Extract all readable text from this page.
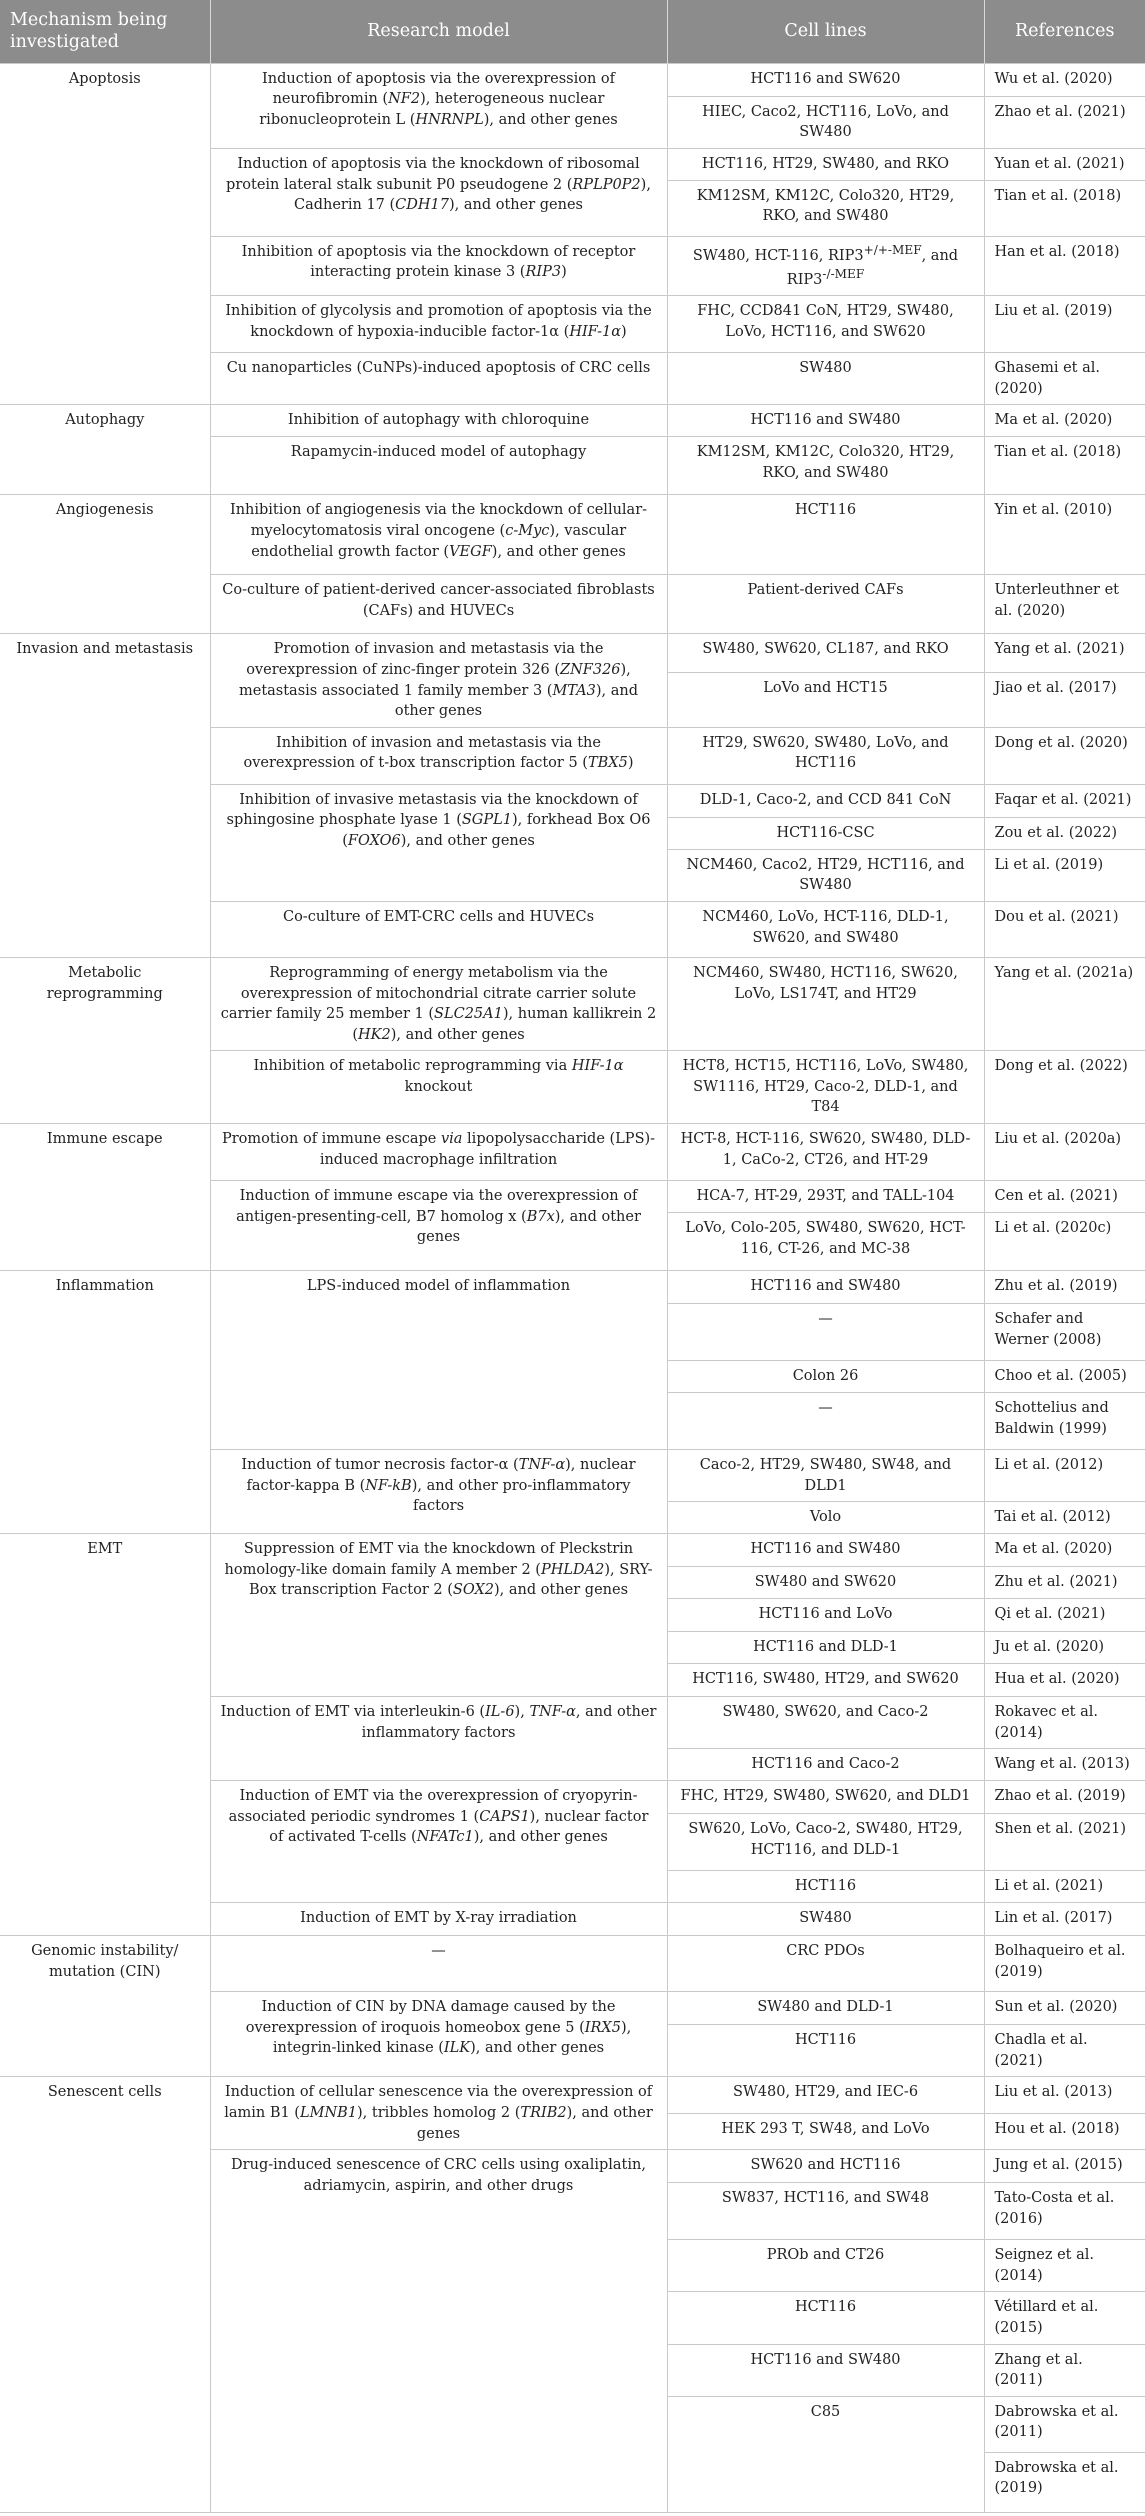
Mechanism being investigated	Research model	Cell lines	References
Apoptosis	Induction of apoptosis via the overexpression of neurofibromin (NF2), heterogeneous nuclear ribonucleoprotein L (HNRNPL), and other genes	HCT116 and SW620	Wu et al. (2020)
		HIEC, Caco2, HCT116, LoVo, and SW480	Zhao et al. (2021)
	Induction of apoptosis via the knockdown of ribosomal protein lateral stalk subunit P0 pseudogene 2 (RPLP0P2), Cadherin 17 (CDH17), and other genes	HCT116, HT29, SW480, and RKO	Yuan et al. (2021)
		KM12SM, KM12C, Colo320, HT29, RKO, and SW480	Tian et al. (2018)
	Inhibition of apoptosis via the knockdown of receptor interacting protein kinase 3 (RIP3)	SW480, HCT-116, $RIP3^{+/+-MEF}$, and $RIP3^{-/-MEF}$	Han et al. (2018)
	Inhibition of glycolysis and promotion of apoptosis via the knockdown of hypoxia-inducible factor-1α (HIF-1α)	FHC, CCD841 CoN, HT29, SW480, LoVo, HCT116, and SW620	Liu et al. (2019)
	Cu nanoparticles (CuNPs)-induced apoptosis of CRC cells	SW480	Ghasemi et al. (2020)
Autophagy	Inhibition of autophagy with chloroquine	HCT116 and SW480	Ma et al. (2020)
	Rapamycin-induced model of autophagy	KM12SM, KM12C, Colo320, HT29, RKO, and SW480	Tian et al. (2018)
Angiogenesis	Inhibition of angiogenesis via the knockdown of cellular-myelocytomatosis viral oncogene (c-Myc), vascular endothelial growth factor (VEGF), and other genes	HCT116	Yin et al. (2010)
	Co-culture of patient-derived cancer-associated fibroblasts (CAFs) and HUVECs	Patient-derived CAFs	Unterleuthner et al. (2020)
Invasion and metastasis	Promotion of invasion and metastasis via the overexpression of zinc-finger protein 326 (ZNF326), metastasis associated 1 family member 3 (MTA3), and other genes	SW480, SW620, CL187, and RKO	Yang et al. (2021)
		LoVo and HCT15	Jiao et al. (2017)
	Inhibition of invasion and metastasis via the overexpression of t-box transcription factor 5 (TBX5)	HT29, SW620, SW480, LoVo, and HCT116	Dong et al. (2020)
	Inhibition of invasive metastasis via the knockdown of sphingosine phosphate lyase 1 (SGPL1), forkhead Box O6 (FOXO6), and other genes	DLD-1, Caco-2, and CCD 841 CoN	Faqar et al. (2021)
		HCT116-CSC	Zou et al. (2022)
		NCM460, Caco2, HT29, HCT116, and SW480	Li et al. (2019)
	Co-culture of EMT-CRC cells and HUVECs	NCM460, LoVo, HCT-116, DLD-1, SW620, and SW480	Dou et al. (2021)
Metabolic reprogramming	Reprogramming of energy metabolism via the overexpression of mitochondrial citrate carrier solute carrier family 25 member 1 (SLC25A1), human kallikrein 2 (HK2), and other genes	NCM460, SW480, HCT116, SW620, LoVo, LS174T, and HT29	Yang et al. (2021a)
	Inhibition of metabolic reprogramming via HIF-1α knockout	HCT8, HCT15, HCT116, LoVo, SW480, SW1116, HT29, Caco-2, DLD-1, and T84	Dong et al. (2022)
Immune escape	Promotion of immune escape via lipopolysaccharide (LPS)-induced macrophage infiltration	HCT-8, HCT-116, SW620, SW480, DLD-1, CaCo-2, CT26, and HT-29	Liu et al. (2020a)
	Induction of immune escape via the overexpression of antigen-presenting-cell, B7 homolog x (B7x), and other genes	HCA-7, HT-29, 293T, and TALL-104	Cen et al. (2021)
		LoVo, Colo-205, SW480, SW620, HCT-116, CT-26, and MC-38	Li et al. (2020c)
Inflammation	LPS-induced model of inflammation	HCT116 and SW480	Zhu et al. (2019)
		—	Schafer and Werner (2008)
		Colon 26	Choo et al. (2005)
		—	Schottelius and Baldwin (1999)
	Induction of tumor necrosis factor-α (TNF-α), nuclear factor-kappa B (NF-kB), and other pro-inflammatory factors	Caco-2, HT29, SW480, SW48, and DLD1	Li et al. (2012)
		Volo	Tai et al. (2012)
EMT	Suppression of EMT via the knockdown of Pleckstrin homology-like domain family A member 2 (PHLDA2), SRY-Box transcription Factor 2 (SOX2), and other genes	HCT116 and SW480	Ma et al. (2020)
		SW480 and SW620	Zhu et al. (2021)
		HCT116 and LoVo	Qi et al. (2021)
		HCT116 and DLD-1	Ju et al. (2020)
		HCT116, SW480, HT29, and SW620	Hua et al. (2020)
	Induction of EMT via interleukin-6 (IL-6), TNF-α, and other inflammatory factors	SW480, SW620, and Caco-2	Rokavec et al. (2014)
		HCT116 and Caco-2	Wang et al. (2013)
	Induction of EMT via the overexpression of cryopyrin-associated periodic syndromes 1 (CAPS1), nuclear factor of activated T-cells (NFATc1), and other genes	FHC, HT29, SW480, SW620, and DLD1	Zhao et al. (2019)
		SW620, LoVo, Caco-2, SW480, HT29, HCT116, and DLD-1	Shen et al. (2021)
		HCT116	Li et al. (2021)
	Induction of EMT by X-ray irradiation	SW480	Lin et al. (2017)
Genomic instability/ mutation (CIN)	—	CRC PDOs	Bolhaqueiro et al. (2019)
	Induction of CIN by DNA damage caused by the overexpression of iroquois homeobox gene 5 (IRX5), integrin-linked kinase (ILK), and other genes	SW480 and DLD-1	Sun et al. (2020)
		HCT116	Chadla et al. (2021)
Senescent cells	Induction of cellular senescence via the overexpression of lamin B1 (LMNB1), tribbles homolog 2 (TRIB2), and other genes	SW480, HT29, and IEC-6	Liu et al. (2013)
		HEK 293 T, SW48, and LoVo	Hou et al. (2018)
	Drug-induced senescence of CRC cells using oxaliplatin, adriamycin, aspirin, and other drugs	SW620 and HCT116	Jung et al. (2015)
		SW837, HCT116, and SW48	Tato-Costa et al. (2016)
		PROb and CT26	Seignez et al. (2014)
		HCT116	Vétillard et al. (2015)
		HCT116 and SW480	Zhang et al. (2011)
		C85	Dabrowska et al. (2011)
			Dabrowska et al. (2019)
